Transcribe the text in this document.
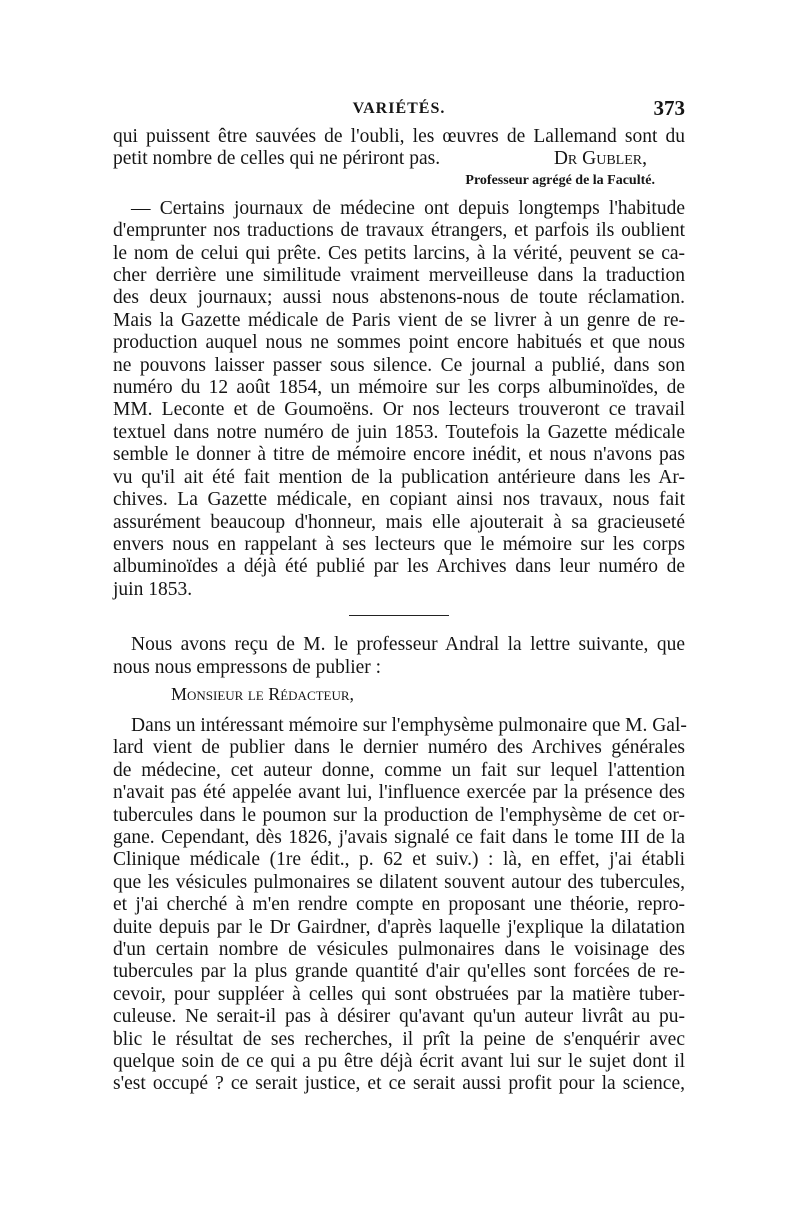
VARIÉTÉS.	373
qui puissent être sauvées de l'oubli, les œuvres de Lallemand sont du
petit nombre de celles qui ne périront pas.	Dr Gubler,
Professeur agrégé de la Faculté.
— Certains journaux de médecine ont depuis longtemps l'habitude
d'emprunter nos traductions de travaux étrangers, et parfois ils oublient
le nom de celui qui prête. Ces petits larcins, à la vérité, peuvent se ca-
cher derrière une similitude vraiment merveilleuse dans la traduction
des deux journaux; aussi nous abstenons-nous de toute réclamation.
Mais la Gazette médicale de Paris vient de se livrer à un genre de re-
production auquel nous ne sommes point encore habitués et que nous
ne pouvons laisser passer sous silence. Ce journal a publié, dans son
numéro du 12 août 1854, un mémoire sur les corps albuminoïdes, de
MM. Leconte et de Goumoëns. Or nos lecteurs trouveront ce travail
textuel dans notre numéro de juin 1853. Toutefois la Gazette médicale
semble le donner à titre de mémoire encore inédit, et nous n'avons pas
vu qu'il ait été fait mention de la publication antérieure dans les Ar-
chives. La Gazette médicale, en copiant ainsi nos travaux, nous fait
assurément beaucoup d'honneur, mais elle ajouterait à sa gracieuseté
envers nous en rappelant à ses lecteurs que le mémoire sur les corps
albuminoïdes a déjà été publié par les Archives dans leur numéro de
juin 1853.
Nous avons reçu de M. le professeur Andral la lettre suivante, que
nous nous empressons de publier :
Monsieur le Rédacteur,
Dans un intéressant mémoire sur l'emphysème pulmonaire que M. Gal-
lard vient de publier dans le dernier numéro des Archives générales
de médecine, cet auteur donne, comme un fait sur lequel l'attention
n'avait pas été appelée avant lui, l'influence exercée par la présence des
tubercules dans le poumon sur la production de l'emphysème de cet or-
gane. Cependant, dès 1826, j'avais signalé ce fait dans le tome III de la
Clinique médicale (1re édit., p. 62 et suiv.) : là, en effet, j'ai établi
que les vésicules pulmonaires se dilatent souvent autour des tubercules,
et j'ai cherché à m'en rendre compte en proposant une théorie, repro-
duite depuis par le Dr Gairdner, d'après laquelle j'explique la dilatation
d'un certain nombre de vésicules pulmonaires dans le voisinage des
tubercules par la plus grande quantité d'air qu'elles sont forcées de re-
cevoir, pour suppléer à celles qui sont obstruées par la matière tuber-
culeuse. Ne serait-il pas à désirer qu'avant qu'un auteur livrât au pu-
blic le résultat de ses recherches, il prît la peine de s'enquérir avec
quelque soin de ce qui a pu être déjà écrit avant lui sur le sujet dont il
s'est occupé ? ce serait justice, et ce serait aussi profit pour la science,
